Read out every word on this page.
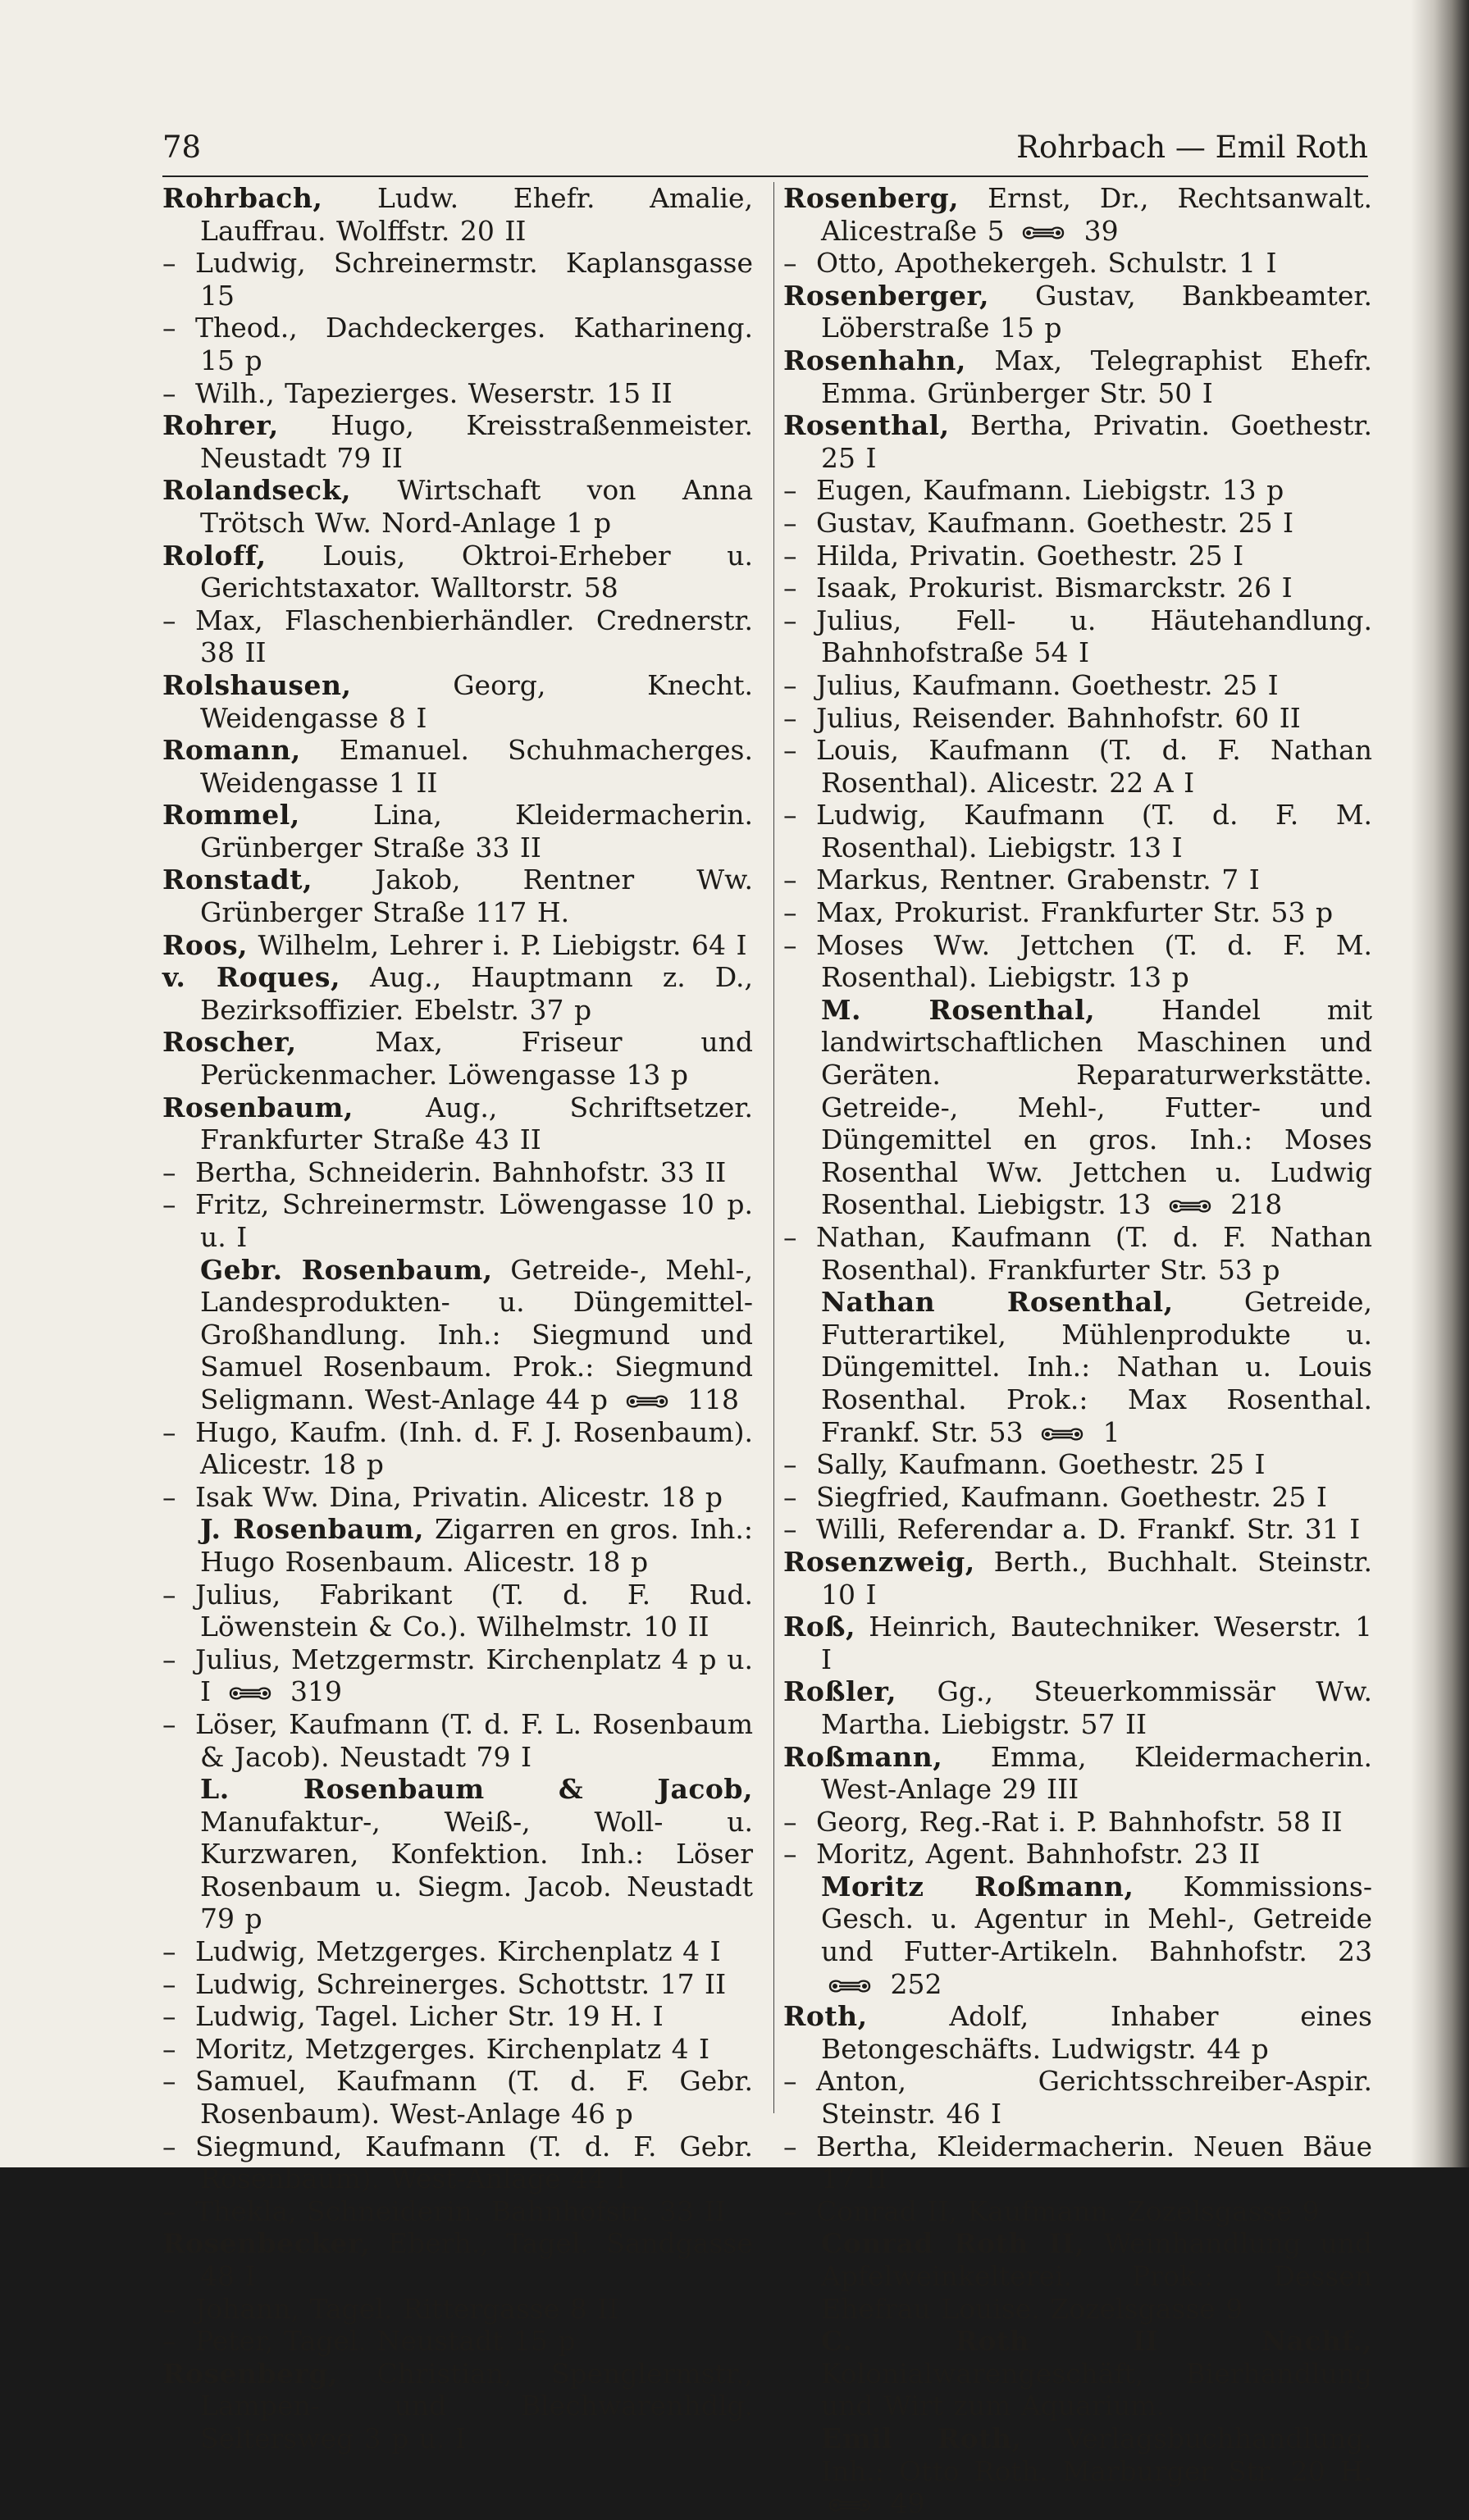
78	Rohrbach — Emil Roth

Rohrbach, Ludw. Ehefr. Amalie, Lauffrau. Wolffstr. 20 II

– Ludwig, Schreinermstr. Kaplansgasse 15

– Theod., Dachdeckerges. Katharineng. 15 p

– Wilh., Tapezierges. Weserstr. 15 II

Rohrer, Hugo, Kreisstraßenmeister. Neustadt 79 II

Rolandseck, Wirtschaft von Anna Trötsch Ww. Nord-Anlage 1 p

Roloff, Louis, Oktroi-Erheber u. Gerichtstaxator. Walltorstr. 58

– Max, Flaschenbierhändler. Crednerstr. 38 II

Rolshausen, Georg, Knecht. Weidengasse 8 I

Romann, Emanuel. Schuhmacherges. Weidengasse 1 II

Rommel, Lina, Kleidermacherin. Grünberger Straße 33 II

Ronstadt, Jakob, Rentner Ww. Grünberger Straße 117 H.

Roos, Wilhelm, Lehrer i. P. Liebigstr. 64 I

v. Roques, Aug., Hauptmann z. D., Bezirksoffizier. Ebelstr. 37 p

Roscher, Max, Friseur und Perückenmacher. Löwengasse 13 p

Rosenbaum, Aug., Schriftsetzer. Frankfurter Straße 43 II

– Bertha, Schneiderin. Bahnhofstr. 33 II

– Fritz, Schreinermstr. Löwengasse 10 p. u. I

Gebr. Rosenbaum, Getreide-, Mehl-, Landesprodukten- u. Düngemittel-Großhandlung. Inh.: Siegmund und Samuel Rosenbaum. Prok.: Siegmund Seligmann. West-Anlage 44 p	118

– Hugo, Kaufm. (Inh. d. F. J. Rosenbaum). Alicestr. 18 p

– Isak Ww. Dina, Privatin. Alicestr. 18 p

J. Rosenbaum, Zigarren en gros. Inh.: Hugo Rosenbaum. Alicestr. 18 p

– Julius, Fabrikant (T. d. F. Rud. Löwenstein & Co.). Wilhelmstr. 10 II

– Julius, Metzgermstr. Kirchenplatz 4 p u. I	319

– Löser, Kaufmann (T. d. F. L. Rosenbaum & Jacob). Neustadt 79 I

L. Rosenbaum & Jacob, Manufaktur-, Weiß-, Woll- u. Kurzwaren, Konfektion. Inh.: Löser Rosenbaum u. Siegm. Jacob. Neustadt 79 p

– Ludwig, Metzgerges. Kirchenplatz 4 I

– Ludwig, Schreinerges. Schottstr. 17 II

– Ludwig, Tagel. Licher Str. 19 H. I

– Moritz, Metzgerges. Kirchenplatz 4 I

– Samuel, Kaufmann (T. d. F. Gebr. Rosenbaum). West-Anlage 46 p

– Siegmund, Kaufmann (T. d. F. Gebr. Rosenbaum). West-Anlage 44 I

– Thekla, Schneiderin. Bahnhofstr. 33 II

Rosenbecker, Eberh., Tagel. Sandgasse 48 I

– Johann, Tagel. Rittergasse 8 II

– Peter, Tagel. Neustadt 15 p

Rosenberg, Christian, Spenglermstr., Lampen- und Blechwarenhdlg. Seltersweg 3 p u. I

Rosenberg, Ernst, Dr., Rechtsanwalt. Alicestraße 5	39

– Otto, Apothekergeh. Schulstr. 1 I

Rosenberger, Gustav, Bankbeamter. Löberstraße 15 p

Rosenhahn, Max, Telegraphist Ehefr. Emma. Grünberger Str. 50 I

Rosenthal, Bertha, Privatin. Goethestr. 25 I

– Eugen, Kaufmann. Liebigstr. 13 p

– Gustav, Kaufmann. Goethestr. 25 I

– Hilda, Privatin. Goethestr. 25 I

– Isaak, Prokurist. Bismarckstr. 26 I

– Julius, Fell- u. Häutehandlung. Bahnhofstraße 54 I

– Julius, Kaufmann. Goethestr. 25 I

– Julius, Reisender. Bahnhofstr. 60 II

– Louis, Kaufmann (T. d. F. Nathan Rosenthal). Alicestr. 22 A I

– Ludwig, Kaufmann (T. d. F. M. Rosenthal). Liebigstr. 13 I

– Markus, Rentner. Grabenstr. 7 I

– Max, Prokurist. Frankfurter Str. 53 p

– Moses Ww. Jettchen (T. d. F. M. Rosenthal). Liebigstr. 13 p

M. Rosenthal, Handel mit landwirtschaftlichen Maschinen und Geräten. Reparaturwerkstätte. Getreide-, Mehl-, Futter- und Düngemittel en gros. Inh.: Moses Rosenthal Ww. Jettchen u. Ludwig Rosenthal. Liebigstr. 13	218

– Nathan, Kaufmann (T. d. F. Nathan Rosenthal). Frankfurter Str. 53 p

Nathan Rosenthal, Getreide, Futterartikel, Mühlenprodukte u. Düngemittel. Inh.: Nathan u. Louis Rosenthal. Prok.: Max Rosenthal. Frankf. Str. 53	1

– Sally, Kaufmann. Goethestr. 25 I

– Siegfried, Kaufmann. Goethestr. 25 I

– Willi, Referendar a. D. Frankf. Str. 31 I

Rosenzweig, Berth., Buchhalt. Steinstr. 10 I

Roß, Heinrich, Bautechniker. Weserstr. 1 I

Roßler, Gg., Steuerkommissär Ww. Martha. Liebigstr. 57 II

Roßmann, Emma, Kleidermacherin. West-Anlage 29 III

– Georg, Reg.-Rat i. P. Bahnhofstr. 58 II

– Moritz, Agent. Bahnhofstr. 23 II

Moritz Roßmann, Kommissions-Gesch. u. Agentur in Mehl-, Getreide und Futter-Artikeln. Bahnhofstr. 23
252

Roth, Adolf, Inhaber eines Betongeschäfts. Ludwigstr. 44 p

– Anton, Gerichtsschreiber-Aspir. Steinstr. 46 I

– Bertha, Kleidermacherin. Neuen Bäue 17 II

– Conrad II, Kaufmann. Zozelsgasse 9

Conrad Roth II, Weinhandlung und Apfelweinkelterei. Prok.: Dessen Ehefrau Louise. Zozelsgasse 9

C. Roth II Nachf., Kolonialwarengeschäft, Bierhandlung und Wirt zum Aquarium.

Emil Roth, Verlagsbuchhandlung. Inh.: Otto Roth. Marburger Str. 20 H.
49
